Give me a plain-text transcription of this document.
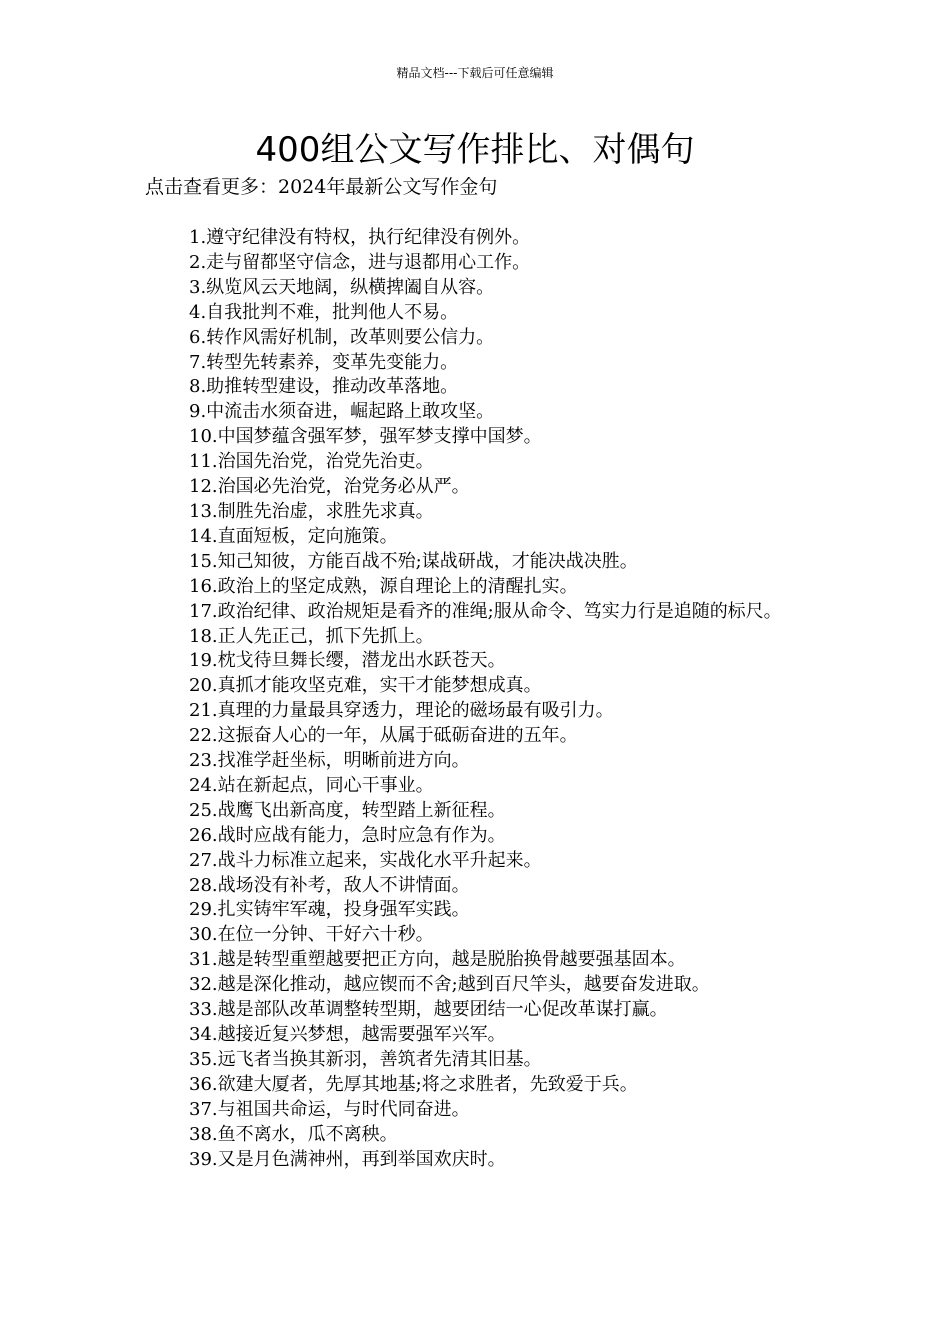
精品文档---下载后可任意编辑
400组公文写作排比、对偶句
点击查看更多：2024年最新公文写作金句
1.遵守纪律没有特权，执行纪律没有例外。
2.走与留都坚守信念，进与退都用心工作。
3.纵览风云天地阔，纵横捭阖自从容。
4.自我批判不难，批判他人不易。
6.转作风需好机制，改革则要公信力。
7.转型先转素养，变革先变能力。
8.助推转型建设，推动改革落地。
9.中流击水须奋进，崛起路上敢攻坚。
10.中国梦蕴含强军梦，强军梦支撑中国梦。
11.治国先治党，治党先治吏。
12.治国必先治党，治党务必从严。
13.制胜先治虚，求胜先求真。
14.直面短板，定向施策。
15.知己知彼，方能百战不殆;谋战研战，才能决战决胜。
16.政治上的坚定成熟，源自理论上的清醒扎实。
17.政治纪律、政治规矩是看齐的准绳;服从命令、笃实力行是追随的标尺。
18.正人先正己，抓下先抓上。
19.枕戈待旦舞长缨，潜龙出水跃苍天。
20.真抓才能攻坚克难，实干才能梦想成真。
21.真理的力量最具穿透力，理论的磁场最有吸引力。
22.这振奋人心的一年，从属于砥砺奋进的五年。
23.找准学赶坐标，明晰前进方向。
24.站在新起点，同心干事业。
25.战鹰飞出新高度，转型踏上新征程。
26.战时应战有能力，急时应急有作为。
27.战斗力标准立起来，实战化水平升起来。
28.战场没有补考，敌人不讲情面。
29.扎实铸牢军魂，投身强军实践。
30.在位一分钟、干好六十秒。
31.越是转型重塑越要把正方向，越是脱胎换骨越要强基固本。
32.越是深化推动，越应锲而不舍;越到百尺竿头，越要奋发进取。
33.越是部队改革调整转型期，越要团结一心促改革谋打赢。
34.越接近复兴梦想，越需要强军兴军。
35.远飞者当换其新羽，善筑者先清其旧基。
36.欲建大厦者，先厚其地基;将之求胜者，先致爱于兵。
37.与祖国共命运，与时代同奋进。
38.鱼不离水，瓜不离秧。
39.又是月色满神州，再到举国欢庆时。
